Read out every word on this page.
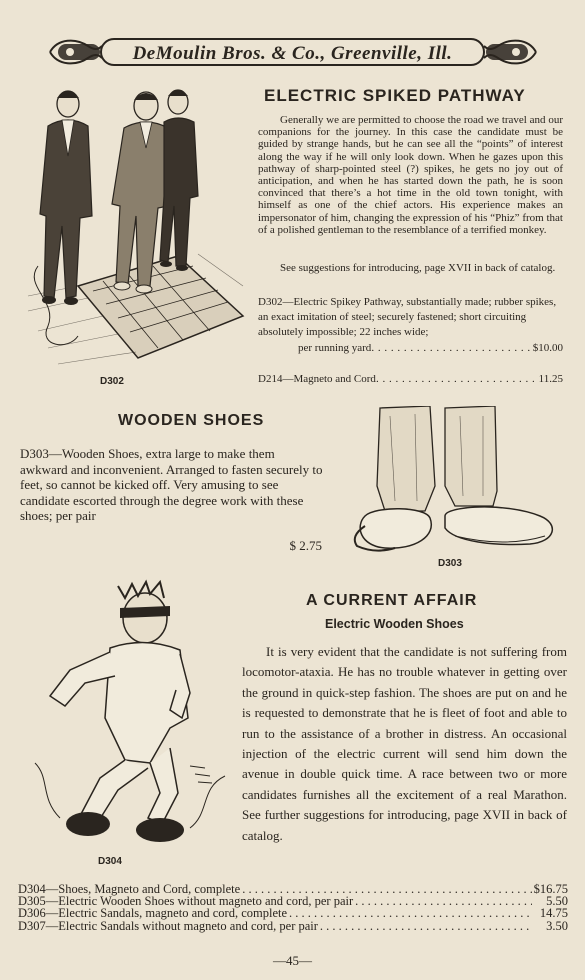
DeMoulin Bros. & Co., Greenville, Ill.
D302
ELECTRIC SPIKED PATHWAY

Generally we are permitted to choose the road we travel and our companions for the journey. In this case the candidate must be guided by strange hands, but he can see all the “points” of interest along the way if he will only look down. When he gazes upon this pathway of sharp-pointed steel (?) spikes, he gets no joy out of anticipation, and when he has started down the path, he is soon convinced that there’s a hot time in the old town tonight, with himself as one of the chief actors. His experience makes an impersonator of him, changing the expression of his “Phiz” from that of a polished gentleman to the resemblance of a terrified monkey.

See suggestions for introducing, page XVII in back of catalog.

D302—Electric Spikey Pathway, substantially made; rubber spikes, an exact imitation of steel; securely fastened; short circuiting absolutely impossible; 22 inches wide;
per running yard . . .	$10.00
D214 —Magneto and Cord . . .	11.25
WOODEN SHOES
D303—Wooden Shoes, extra large to make them awkward and inconvenient. Arranged to fasten securely to feet, so cannot be kicked off. Very amusing to see candidate escorted through the degree work with these shoes; per pair
$ 2.75
D303
D304
A CURRENT AFFAIR
Electric Wooden Shoes

It is very evident that the candidate is not suffering from locomotor-ataxia. He has no trouble whatever in getting over the ground in quick-step fashion. The shoes are put on and he is requested to demonstrate that he is fleet of foot and able to run to the assistance of a brother in distress. An occasional injection of the electric current will send him down the avenue in double quick time. A race between two or more candidates furnishes all the excitement of a real Marathon. See further suggestions for introducing, page XVII in back of catalog.

D304 —Shoes, Magneto and Cord, complete . . .	$16.75
D305 —Electric Wooden Shoes without magneto and cord, per pair . . .	5.50
D306 —Electric Sandals, magneto and cord, complete . . .	14.75
D307 —Electric Sandals without magneto and cord, per pair . . .	3.50
—45—
